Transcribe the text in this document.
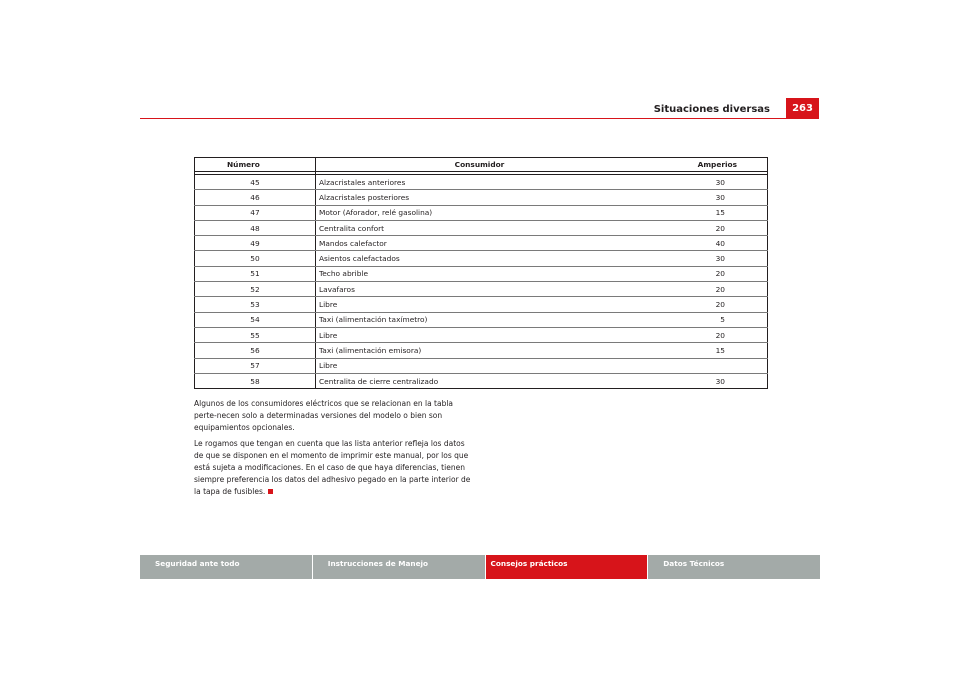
Situaciones diversas	263
Número	Consumidor	Amperios

45	Alzacristales anteriores	30
46	Alzacristales posteriores	30
47	Motor (Aforador, relé gasolina)	15
48	Centralita confort	20
49	Mandos calefactor	40
50	Asientos calefactados	30
51	Techo abrible	20
52	Lavafaros	20
53	Libre	20
54	Taxi (alimentación taxímetro)	5
55	Libre	20
56	Taxi (alimentación emisora)	15
57	Libre	
58	Centralita de cierre centralizado	30

Algunos de los consumidores eléctricos que se relacionan en la tabla perte-necen solo a determinadas versiones del modelo o bien son equipamientos opcionales.

Le rogamos que tengan en cuenta que las lista anterior refleja los datos de que se disponen en el momento de imprimir este manual, por los que está sujeta a modificaciones. En el caso de que haya diferencias, tienen siempre preferencia los datos del adhesivo pegado en la parte interior de la tapa de fusibles.

Seguridad ante todo	Instrucciones de Manejo	Consejos prácticos	Datos Técnicos
